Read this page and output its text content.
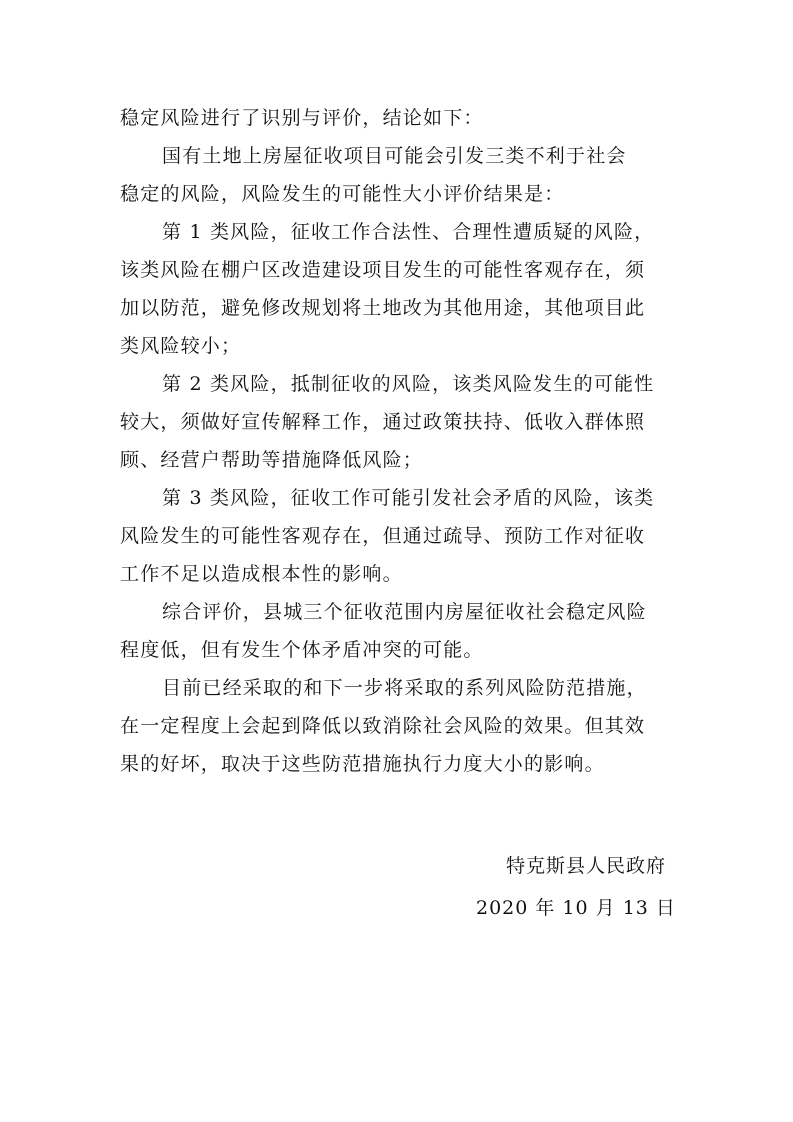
稳定风险进行了识别与评价，结论如下：
国有土地上房屋征收项目可能会引发三类不利于社会
稳定的风险，风险发生的可能性大小评价结果是：
第 1 类风险，征收工作合法性、合理性遭质疑的风险，
该类风险在棚户区改造建设项目发生的可能性客观存在，须
加以防范，避免修改规划将土地改为其他用途，其他项目此
类风险较小；
第 2 类风险，抵制征收的风险，该类风险发生的可能性
较大，须做好宣传解释工作，通过政策扶持、低收入群体照
顾、经营户帮助等措施降低风险；
第 3 类风险，征收工作可能引发社会矛盾的风险，该类
风险发生的可能性客观存在，但通过疏导、预防工作对征收
工作不足以造成根本性的影响。
综合评价，县城三个征收范围内房屋征收社会稳定风险
程度低，但有发生个体矛盾冲突的可能。
目前已经采取的和下一步将采取的系列风险防范措施，
在一定程度上会起到降低以致消除社会风险的效果。但其效
果的好坏，取决于这些防范措施执行力度大小的影响。
特克斯县人民政府
2020 年 10 月 13 日
